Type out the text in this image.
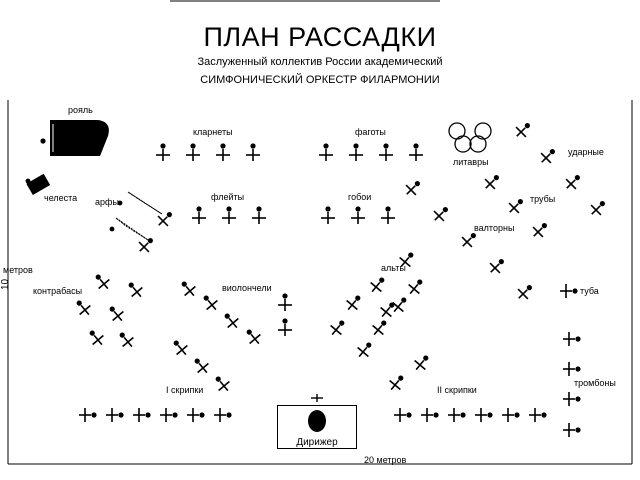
ПЛАН РАССАДКИ
Заслуженный коллектив России академический
СИМФОНИЧЕСКИЙ ОРКЕСТР ФИЛАРМОНИИ
рояль
челеста арфы
кларнеты	фаготы
литавры
ударные
флейты	гобои	трубы
валторны
альты
виолончели
контрабасы	туба
тромбоны
I скрипки	II скрипки
20 метров
10
метров
Дирижер
